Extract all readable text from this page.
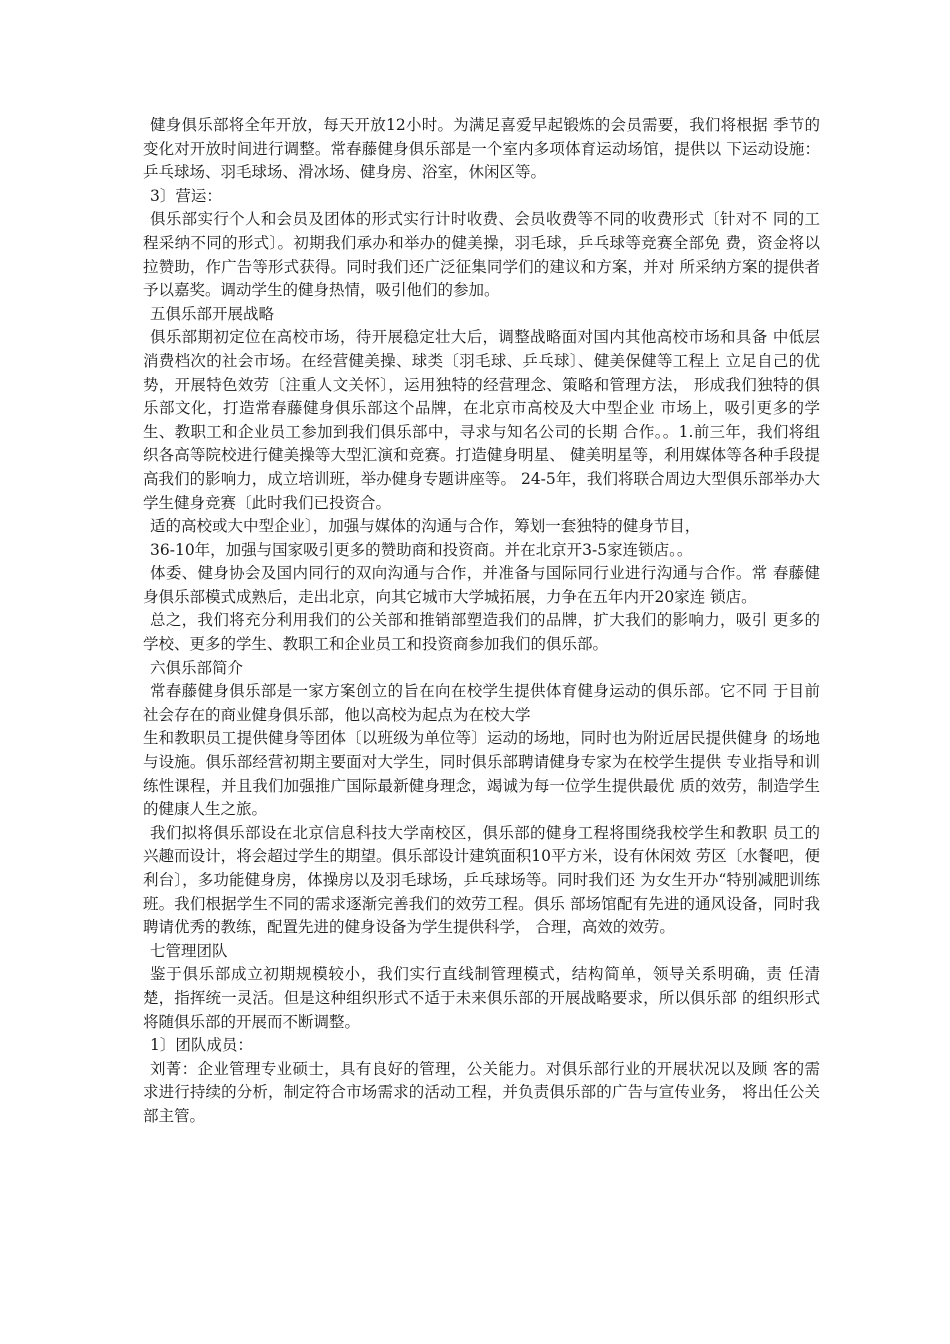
健身俱乐部将全年开放，每天开放12小时。为满足喜爱早起锻炼的会员需要，我们将根据 季节的变化对开放时间进行调整。常春藤健身俱乐部是一个室内多项体育运动场馆，提供以 下运动设施：乒乓球场、羽毛球场、滑冰场、健身房、浴室，休闲区等。

3〕营运：

俱乐部实行个人和会员及团体的形式实行计时收费、会员收费等不同的收费形式〔针对不 同的工程采纳不同的形式〕。初期我们承办和举办的健美操，羽毛球，乒乓球等竞赛全部免 费，资金将以拉赞助，作广告等形式获得。同时我们还广泛征集同学们的建议和方案，并对 所采纳方案的提供者予以嘉奖。调动学生的健身热情，吸引他们的参加。

五俱乐部开展战略

俱乐部期初定位在高校市场，待开展稳定壮大后，调整战略面对国内其他高校市场和具备 中低层消费档次的社会市场。在经营健美操、球类〔羽毛球、乒乓球〕、健美保健等工程上 立足自己的优势，开展特色效劳〔注重人文关怀〕，运用独特的经营理念、策略和管理方法， 形成我们独特的俱乐部文化，打造常春藤健身俱乐部这个品牌，在北京市高校及大中型企业 市场上，吸引更多的学生、教职工和企业员工参加到我们俱乐部中，寻求与知名公司的长期 合作。。1.前三年，我们将组织各高等院校进行健美操等大型汇演和竞赛。打造健身明星、 健美明星等，利用媒体等各种手段提高我们的影响力，成立培训班，举办健身专题讲座等。 24-5年，我们将联合周边大型俱乐部举办大学生健身竞赛〔此时我们已投资合。

适的高校或大中型企业〕，加强与媒体的沟通与合作，筹划一套独特的健身节目，

36-10年，加强与国家吸引更多的赞助商和投资商。并在北京开3-5家连锁店。。

体委、健身协会及国内同行的双向沟通与合作，并准备与国际同行业进行沟通与合作。常 春藤健身俱乐部模式成熟后，走出北京，向其它城市大学城拓展，力争在五年内开20家连 锁店。

总之，我们将充分利用我们的公关部和推销部塑造我们的品牌，扩大我们的影响力，吸引 更多的学校、更多的学生、教职工和企业员工和投资商参加我们的俱乐部。

六俱乐部简介

常春藤健身俱乐部是一家方案创立的旨在向在校学生提供体育健身运动的俱乐部。它不同 于目前社会存在的商业健身俱乐部，他以高校为起点为在校大学

生和教职员工提供健身等团体〔以班级为单位等〕运动的场地，同时也为附近居民提供健身 的场地与设施。俱乐部经营初期主要面对大学生，同时俱乐部聘请健身专家为在校学生提供 专业指导和训练性课程，并且我们加强推广国际最新健身理念，竭诚为每一位学生提供最优 质的效劳，制造学生的健康人生之旅。

我们拟将俱乐部设在北京信息科技大学南校区，俱乐部的健身工程将围绕我校学生和教职 员工的兴趣而设计，将会超过学生的期望。俱乐部设计建筑面积10平方米，设有休闲效 劳区〔水餐吧，便利台〕，多功能健身房，体操房以及羽毛球场，乒乓球场等。同时我们还 为女生开办“特别减肥训练班。我们根据学生不同的需求逐渐完善我们的效劳工程。俱乐 部场馆配有先进的通风设备，同时我聘请优秀的教练，配置先进的健身设备为学生提供科学， 合理，高效的效劳。

七管理团队

鉴于俱乐部成立初期规模较小，我们实行直线制管理模式，结构简单，领导关系明确，责 任清楚，指挥统一灵活。但是这种组织形式不适于未来俱乐部的开展战略要求，所以俱乐部 的组织形式将随俱乐部的开展而不断调整。

1〕团队成员：

刘菁：企业管理专业硕士，具有良好的管理，公关能力。对俱乐部行业的开展状况以及顾 客的需求进行持续的分析，制定符合市场需求的活动工程，并负责俱乐部的广告与宣传业务， 将出任公关部主管。
